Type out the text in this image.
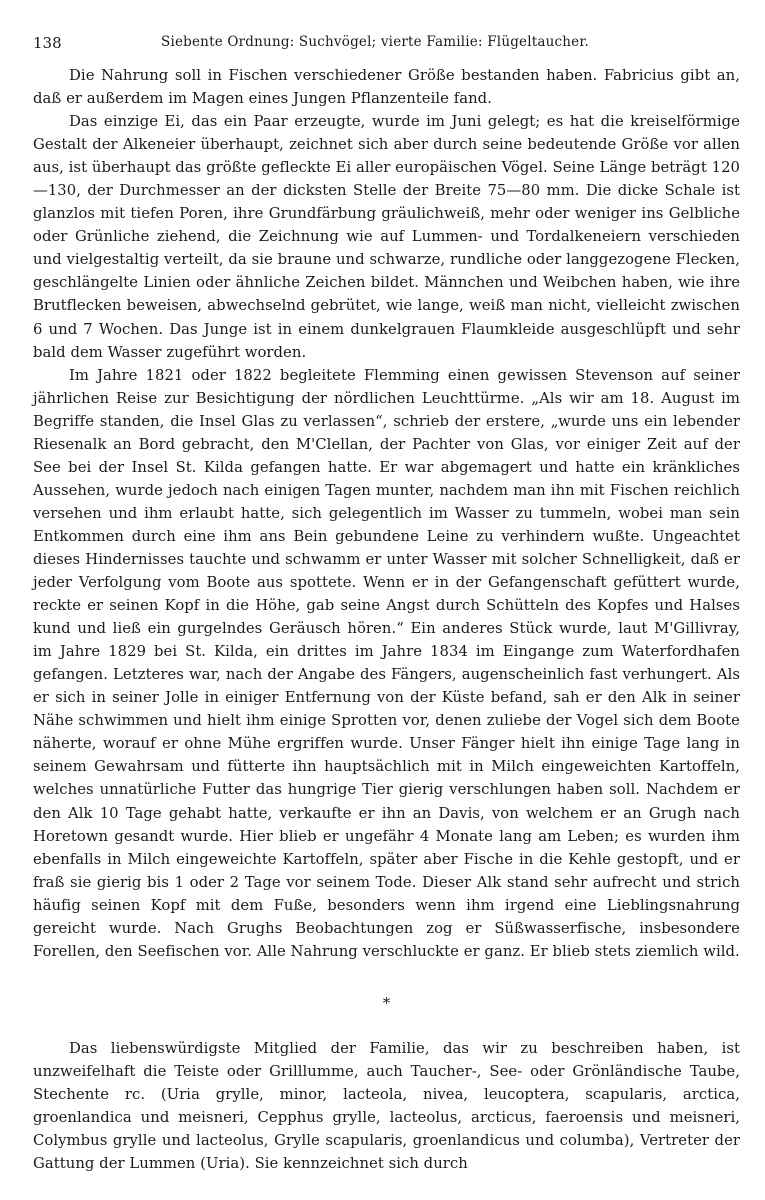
138	Siebente Ordnung: Suchvögel; vierte Familie: Flügeltaucher.

Die Nahrung soll in Fischen verschiedener Größe bestanden haben. Fabricius gibt an, daß er außerdem im Magen eines Jungen Pflanzenteile fand.

Das einzige Ei, das ein Paar erzeugte, wurde im Juni gelegt; es hat die kreiselförmige Gestalt der Alkeneier überhaupt, zeichnet sich aber durch seine bedeutende Größe vor allen aus, ist überhaupt das größte gefleckte Ei aller europäischen Vögel. Seine Länge beträgt 120—130, der Durchmesser an der dicksten Stelle der Breite 75—80 mm. Die dicke Schale ist glanzlos mit tiefen Poren, ihre Grundfärbung gräulichweiß, mehr oder weniger ins Gelbliche oder Grünliche ziehend, die Zeichnung wie auf Lummen- und Tordalkeneiern verschieden und vielgestaltig verteilt, da sie braune und schwarze, rundliche oder langgezogene Flecken, geschlängelte Linien oder ähnliche Zeichen bildet. Männchen und Weibchen haben, wie ihre Brutflecken beweisen, abwechselnd gebrütet, wie lange, weiß man nicht, vielleicht zwischen 6 und 7 Wochen. Das Junge ist in einem dunkelgrauen Flaumkleide ausgeschlüpft und sehr bald dem Wasser zugeführt worden.

Im Jahre 1821 oder 1822 begleitete Flemming einen gewissen Stevenson auf seiner jährlichen Reise zur Besichtigung der nördlichen Leuchttürme. „Als wir am 18. August im Begriffe standen, die Insel Glas zu verlassen“, schrieb der erstere, „wurde uns ein lebender Riesenalk an Bord gebracht, den M'Clellan, der Pachter von Glas, vor einiger Zeit auf der See bei der Insel St. Kilda gefangen hatte. Er war abgemagert und hatte ein kränkliches Aussehen, wurde jedoch nach einigen Tagen munter, nachdem man ihn mit Fischen reichlich versehen und ihm erlaubt hatte, sich gelegentlich im Wasser zu tummeln, wobei man sein Entkommen durch eine ihm ans Bein gebundene Leine zu verhindern wußte. Ungeachtet dieses Hindernisses tauchte und schwamm er unter Wasser mit solcher Schnelligkeit, daß er jeder Verfolgung vom Boote aus spottete. Wenn er in der Gefangenschaft gefüttert wurde, reckte er seinen Kopf in die Höhe, gab seine Angst durch Schütteln des Kopfes und Halses kund und ließ ein gurgelndes Geräusch hören.“ Ein anderes Stück wurde, laut M'Gillivray, im Jahre 1829 bei St. Kilda, ein drittes im Jahre 1834 im Eingange zum Waterfordhafen gefangen. Letzteres war, nach der Angabe des Fängers, augenscheinlich fast verhungert. Als er sich in seiner Jolle in einiger Entfernung von der Küste befand, sah er den Alk in seiner Nähe schwimmen und hielt ihm einige Sprotten vor, denen zuliebe der Vogel sich dem Boote näherte, worauf er ohne Mühe ergriffen wurde. Unser Fänger hielt ihn einige Tage lang in seinem Gewahrsam und fütterte ihn hauptsächlich mit in Milch eingeweichten Kartoffeln, welches unnatürliche Futter das hungrige Tier gierig verschlungen haben soll. Nachdem er den Alk 10 Tage gehabt hatte, verkaufte er ihn an Davis, von welchem er an Grugh nach Horetown gesandt wurde. Hier blieb er ungefähr 4 Monate lang am Leben; es wurden ihm ebenfalls in Milch eingeweichte Kartoffeln, später aber Fische in die Kehle gestopft, und er fraß sie gierig bis 1 oder 2 Tage vor seinem Tode. Dieser Alk stand sehr aufrecht und strich häufig seinen Kopf mit dem Fuße, besonders wenn ihm irgend eine Lieblingsnahrung gereicht wurde. Nach Grughs Beobachtungen zog er Süßwasserfische, insbesondere Forellen, den Seefischen vor. Alle Nahrung verschluckte er ganz. Er blieb stets ziemlich wild.

*

Das liebenswürdigste Mitglied der Familie, das wir zu beschreiben haben, ist unzweifelhaft die Teiste oder Grilllumme, auch Taucher-, See- oder Grönländische Taube, Stechente rc. (Uria grylle, minor, lacteola, nivea, leucoptera, scapularis, arctica, groenlandica und meisneri, Cepphus grylle, lacteolus, arcticus, faeroensis und meisneri, Colymbus grylle und lacteolus, Grylle scapularis, groenlandicus und columba), Vertreter der Gattung der Lummen (Uria). Sie kennzeichnet sich durch
